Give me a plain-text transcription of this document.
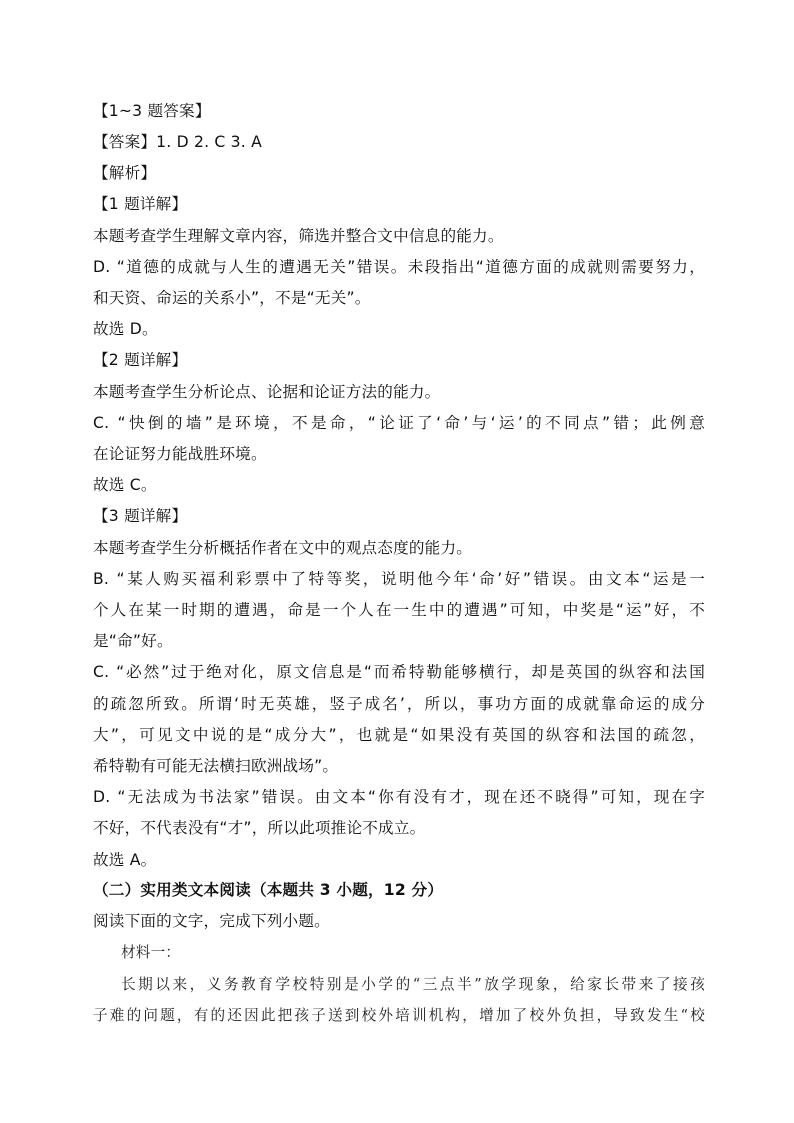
【1~3 题答案】
【答案】1. D 2. C 3. A
【解析】
【1 题详解】
本题考查学生理解文章内容，筛选并整合文中信息的能力。
D. “道德的成就与人生的遭遇无关”错误。未段指出“道德方面的成就则需要努力，
和天资、命运的关系小”，不是“无关”。
故选 D。
【2 题详解】
本题考查学生分析论点、论据和论证方法的能力。
C. “快倒的墙”是环境，不是命，“论证了‘命’与‘运’的不同点”错；此例意
在论证努力能战胜环境。
故选 C。
【3 题详解】
本题考查学生分析概括作者在文中的观点态度的能力。
B. “某人购买福利彩票中了特等奖，说明他今年‘命’好”错误。由文本“运是一
个人在某一时期的遭遇，命是一个人在一生中的遭遇”可知，中奖是“运”好，不
是“命”好。
C. “必然”过于绝对化，原文信息是“而希特勒能够横行，却是英国的纵容和法国
的疏忽所致。所谓‘时无英雄，竖子成名’，所以，事功方面的成就靠命运的成分
大”，可见文中说的是“成分大”，也就是“如果没有英国的纵容和法国的疏忽，
希特勒有可能无法横扫欧洲战场”。
D. “无法成为书法家”错误。由文本“你有没有才，现在还不晓得”可知，现在字
不好，不代表没有“才”，所以此项推论不成立。
故选 A。
（二）实用类文本阅读（本题共 3 小题，12 分）
阅读下面的文字，完成下列小题。
材料一：
长期以来，义务教育学校特别是小学的“三点半”放学现象，给家长带来了接孩
子难的问题，有的还因此把孩子送到校外培训机构，增加了校外负担，导致发生“校
